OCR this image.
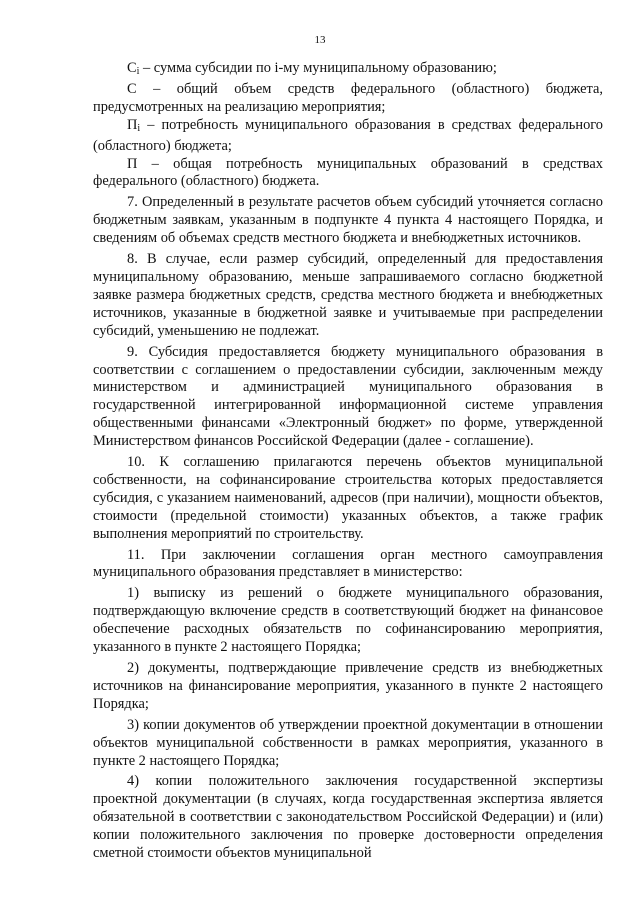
13

$C_i$ – сумма субсидии по i-му муниципальному образованию;

C – общий объем средств федерального (областного) бюджета, предусмотренных на реализацию мероприятия;

$П_i$ – потребность муниципального образования в средствах федерального (областного) бюджета;

П – общая потребность муниципальных образований в средствах федерального (областного) бюджета.

7. Определенный в результате расчетов объем субсидий уточняется согласно бюджетным заявкам, указанным в подпункте 4 пункта 4 настоящего Порядка, и сведениям об объемах средств местного бюджета и внебюджетных источников.

8. В случае, если размер субсидий, определенный для предоставления муниципальному образованию, меньше запрашиваемого согласно бюджетной заявке размера бюджетных средств, средства местного бюджета и внебюджетных источников, указанные в бюджетной заявке и учитываемые при распределении субсидий, уменьшению не подлежат.

9. Субсидия предоставляется бюджету муниципального образования в соответствии с соглашением о предоставлении субсидии, заключенным между министерством и администрацией муниципального образования в государственной интегрированной информационной системе управления общественными финансами «Электронный бюджет» по форме, утвержденной Министерством финансов Российской Федерации (далее - соглашение).

10. К соглашению прилагаются перечень объектов муниципальной собственности, на софинансирование строительства которых предоставляется субсидия, с указанием наименований, адресов (при наличии), мощности объектов, стоимости (предельной стоимости) указанных объектов, а также график выполнения мероприятий по строительству.

11. При заключении соглашения орган местного самоуправления муниципального образования представляет в министерство:

1) выписку из решений о бюджете муниципального образования, подтверждающую включение средств в соответствующий бюджет на финансовое обеспечение расходных обязательств по софинансированию мероприятия, указанного в пункте 2 настоящего Порядка;

2) документы, подтверждающие привлечение средств из внебюджетных источников на финансирование мероприятия, указанного в пункте 2 настоящего Порядка;

3) копии документов об утверждении проектной документации в отношении объектов муниципальной собственности в рамках мероприятия, указанного в пункте 2 настоящего Порядка;

4) копии положительного заключения государственной экспертизы проектной документации (в случаях, когда государственная экспертиза является обязательной в соответствии с законодательством Российской Федерации) и (или) копии положительного заключения по проверке достоверности определения сметной стоимости объектов муниципальной
